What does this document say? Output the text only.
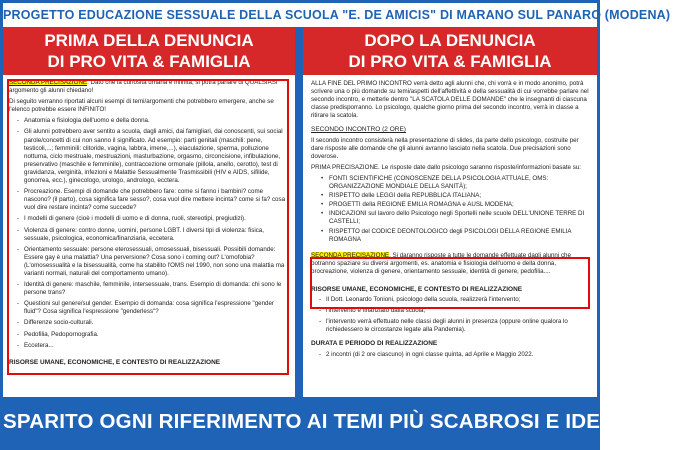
PROGETTO EDUCAZIONE SESSUALE DELLA SCUOLA "E. DE AMICIS" DI MARANO SUL PANARO (MODENA)
PRIMA DELLA DENUNCIA
DI PRO VITA & FAMIGLIA
DOPO LA DENUNCIA
DI PRO VITA & FAMIGLIA

SECONDA PRECISAZIONE. Dato che la curiosità umana è infinita, si potrà parlare di QUALSIASI argomento gli alunni chiedano!

Di seguito verranno riportati alcuni esempi di temi/argomenti che potrebbero emergere, anche se l'elenco potrebbe essere INFINITO!

- Anatomia e fisiologia dell'uomo e della donna.
- Gli alunni potrebbero aver sentito a scuola, dagli amici, dai famigliari, dai conoscenti, sui social parole/concetti di cui non sanno il significato. Ad esempio: parti genitali (maschili: pene, testicoli,...; femminili: clitoride, vagina, labbra, imene,...), eiaculazione, sperma, polluzione notturna, ciclo mestruale, mestruazioni, masturbazione, orgasmo, circoncisione, infibulazione, preservativo (maschile e femminile), contraccezione ormonale (pillola, anello, cerotto), test di gravidanza, verginità, infezioni e Malattie Sessualmente Trasmissibili (HIV e AIDS, sifilide, gonorrea, ecc.), ginecologo, urologo, andrologo, ecctera.
- Procreazione. Esempi di domande che potrebbero fare: come si fanno i bambini? come nascono? (il parto), cosa significa fare sesso?, cosa vuol dire mettere incinta? come si fa? cosa vuol dire restare incinta? come succede?
- I modelli di genere (cioè i modelli di uomo e di donna, ruoli, stereotipi, pregiudizi).
- Violenza di genere: contro donne, uomini, persone LGBT. I diversi tipi di violenza: fisica, sessuale, psicologica, economica/finanziaria, eccetera.
- Orientamento sessuale: persone eterosessuali, omosessuali, bisessuali. Possibili domande: Essere gay è una malattia? Una perversione? Cosa sono i coming out? L'omofobia? (L'omosessualità e la bisessualità, come ha stabilito l'OMS nel 1990, non sono una malattia ma varianti normali, naturali del comportamento umano).
- Identità di genere: maschile, femminile, intersessuale, trans. Esempio di domanda: chi sono le persone trans?
- Questioni sul genere/sul gender. Esempio di domanda: cosa significa l'espressione "gender fluid"? Cosa significa l'espressione "genderless"?
- Differenze socio-culturali.
- Pedofilia, Pedopornografia.
- Eccetera...
RISORSE UMANE, ECONOMICHE, E CONTESTO DI REALIZZAZIONE

ALLA FINE DEL PRIMO INCONTRO verrà detto agli alunni che, chi vorrà e in modo anonimo, potrà scrivere una o più domande su temi/aspetti dell'affettività e della sessualità di cui vorrebbe parlare nel secondo incontro, e metterle dentro "LA SCATOLA DELLE DOMANDE" che le insegnanti di ciascuna classe predisporranno. Lo psicologo, qualche giorno prima del secondo incontro, verrà in classe a ritirare la scatola.

SECONDO INCONTRO (2 ORE)

Il secondo incontro consisterà nella presentazione di slides, da parte dello psicologo, costruite per dare risposte alle domande che gli alunni avranno lasciato nella scatola. Due precisazioni sono doverose.

PRIMA PRECISAZIONE. Le risposte date dallo psicologo saranno risposte/informazioni basate su:

• FONTI SCIENTIFICHE (CONOSCENZE DELLA PSICOLOGIA ATTUALE, OMS: ORGANIZZAZIONE MONDIALE DELLA SANITÀ);
• RISPETTO delle LEGGI della REPUBBLICA ITALIANA;
• PROGETTI della REGIONE EMILIA ROMAGNA e AUSL MODENA;
• INDICAZIONI sul lavoro dello Psicologo negli Sportelli nelle scuole DELL'UNIONE TERRE DI CASTELLI;
• RISPETTO del CODICE DEONTOLOGICO degli PSICOLOGI DELLA REGIONE EMILIA ROMAGNA

SECONDA PRECISAZIONE. Si daranno risposte a tutte le domande effettuate dagli alunni che potranno spaziare su diversi argomenti, es. anatomia e fisiologia dell'uomo e della donna, procreazione, violenza di genere, orientamento sessuale, identità di genere, pedofilia....

RISORSE UMANE, ECONOMICHE, E CONTESTO DI REALIZZAZIONE
- Il Dott. Leonardo Tonioni, psicologo della scuola, realizzerà l'intervento;
- l'intervento è finanziato dalla scuola;
- l'intervento verrà effettuato nelle classi degli alunni in presenza (oppure online qualora lo richiedessero le circostanze legate alla Pandemia).
DURATA E PERIODO DI REALIZZAZIONE
- 2 incontri (di 2 ore ciascuno) in ogni classe quinta, ad Aprile e Maggio 2022.
SPARITO OGNI RIFERIMENTO AI TEMI PIÙ SCABROSI E IDEOLOGICI!
